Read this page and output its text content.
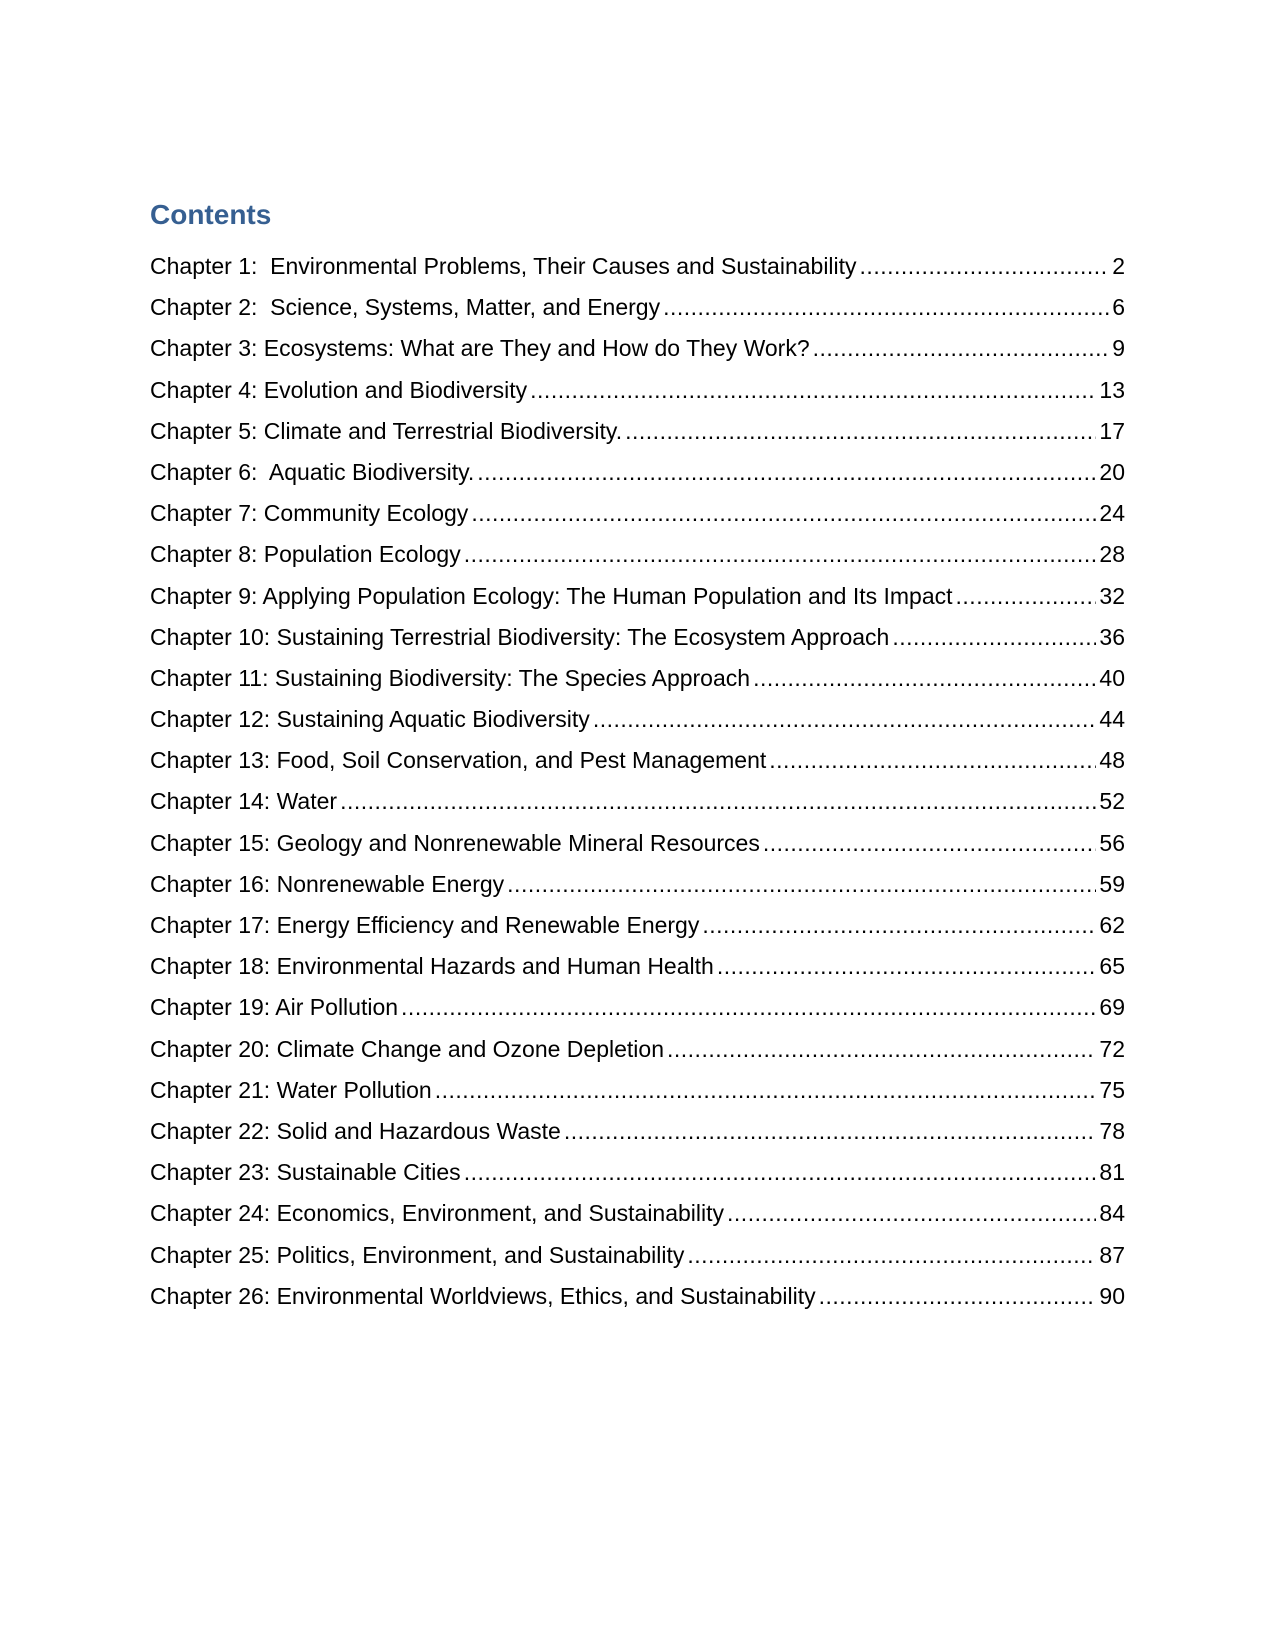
Contents
Chapter 1:  Environmental Problems, Their Causes and Sustainability .....	2
Chapter 2:  Science, Systems, Matter, and Energy .....	6
Chapter 3: Ecosystems: What are They and How do They Work? .....	9
Chapter 4: Evolution and Biodiversity .....	13
Chapter 5: Climate and Terrestrial Biodiversity. .....	17
Chapter 6:  Aquatic Biodiversity. .....	20
Chapter 7: Community Ecology .....	24
Chapter 8: Population Ecology .....	28
Chapter 9: Applying Population Ecology: The Human Population and Its Impact .....	32
Chapter 10: Sustaining Terrestrial Biodiversity: The Ecosystem Approach .....	36
Chapter 11: Sustaining Biodiversity: The Species Approach .....	40
Chapter 12: Sustaining Aquatic Biodiversity .....	44
Chapter 13: Food, Soil Conservation, and Pest Management .....	48
Chapter 14: Water .....	52
Chapter 15: Geology and Nonrenewable Mineral Resources .....	56
Chapter 16: Nonrenewable Energy .....	59
Chapter 17: Energy Efficiency and Renewable Energy .....	62
Chapter 18: Environmental Hazards and Human Health .....	65
Chapter 19: Air Pollution .....	69
Chapter 20: Climate Change and Ozone Depletion .....	72
Chapter 21: Water Pollution .....	75
Chapter 22: Solid and Hazardous Waste .....	78
Chapter 23: Sustainable Cities .....	81
Chapter 24: Economics, Environment, and Sustainability .....	84
Chapter 25: Politics, Environment, and Sustainability .....	87
Chapter 26: Environmental Worldviews, Ethics, and Sustainability .....	90
